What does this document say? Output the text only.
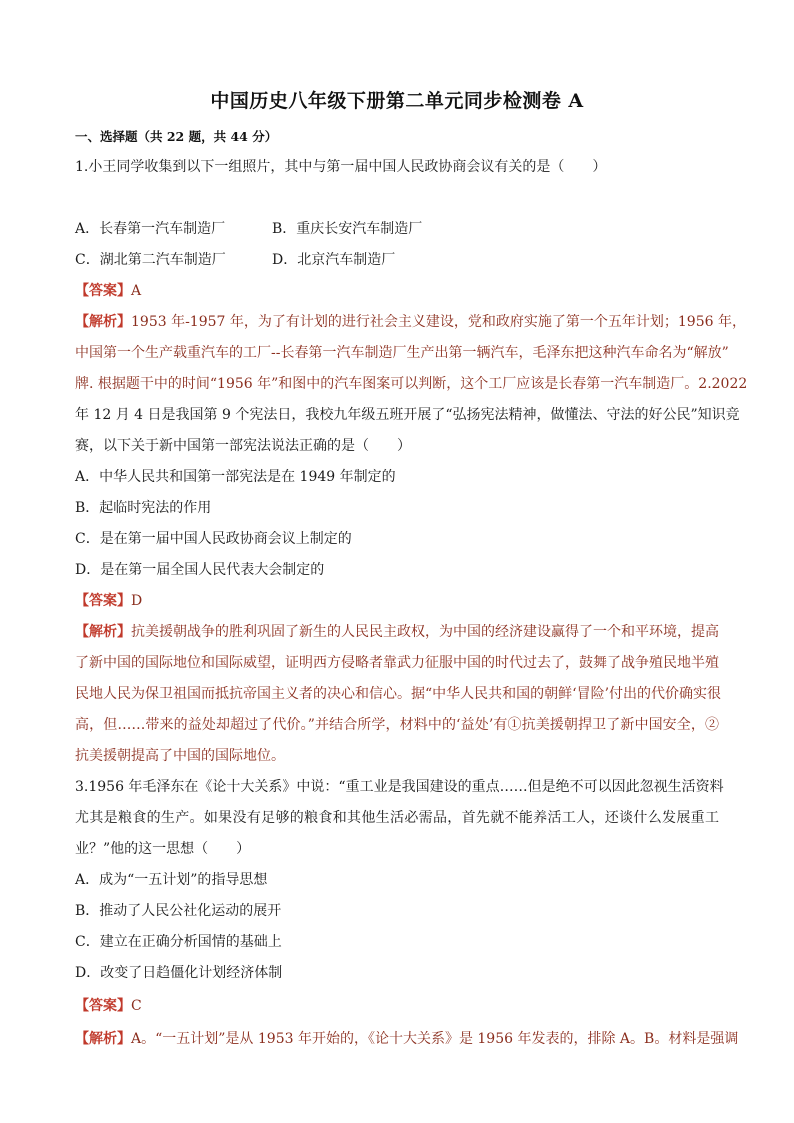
中国历史八年级下册第二单元同步检测卷 A
一、选择题（共 22 题，共 44 分）
1.小王同学收集到以下一组照片，其中与第一届中国人民政协商会议有关的是（　　）
A．长春第一汽车制造厂	B．重庆长安汽车制造厂
C．湖北第二汽车制造厂	D．北京汽车制造厂
【答案】A
【解析】1953 年-1957 年，为了有计划的进行社会主义建设，党和政府实施了第一个五年计划；1956 年，
中国第一个生产载重汽车的工厂--长春第一汽车制造厂生产出第一辆汽车，毛泽东把这种汽车命名为“解放”
牌. 根据题干中的时间“1956 年”和图中的汽车图案可以判断，这个工厂应该是长春第一汽车制造厂。2.2022
年 12 月 4 日是我国第 9 个宪法日，我校九年级五班开展了“弘扬宪法精神，做懂法、守法的好公民”知识竞
赛，以下关于新中国第一部宪法说法正确的是（　　）
A．中华人民共和国第一部宪法是在 1949 年制定的
B．起临时宪法的作用
C．是在第一届中国人民政协商会议上制定的
D．是在第一届全国人民代表大会制定的
【答案】D
【解析】抗美援朝战争的胜利巩固了新生的人民民主政权，为中国的经济建设赢得了一个和平环境，提高
了新中国的国际地位和国际威望，证明西方侵略者靠武力征服中国的时代过去了，鼓舞了战争殖民地半殖
民地人民为保卫祖国而抵抗帝国主义者的决心和信心。据“中华人民共和国的朝鲜‘冒险’付出的代价确实很
高，但……带来的益处却超过了代价。”并结合所学，材料中的‘益处’有①抗美援朝捍卫了新中国安全，②
抗美援朝提高了中国的国际地位。
3.1956 年毛泽东在《论十大关系》中说：“重工业是我国建设的重点……但是绝不可以因此忽视生活资料
尤其是粮食的生产。如果没有足够的粮食和其他生活必需品，首先就不能养活工人，还谈什么发展重工
业？”他的这一思想（　　）
A．成为“一五计划”的指导思想
B．推动了人民公社化运动的展开
C．建立在正确分析国情的基础上
D．改变了日趋僵化计划经济体制
【答案】C
【解析】A。“一五计划”是从 1953 年开始的，《论十大关系》是 1956 年发表的，排除 A。B。材料是强调
